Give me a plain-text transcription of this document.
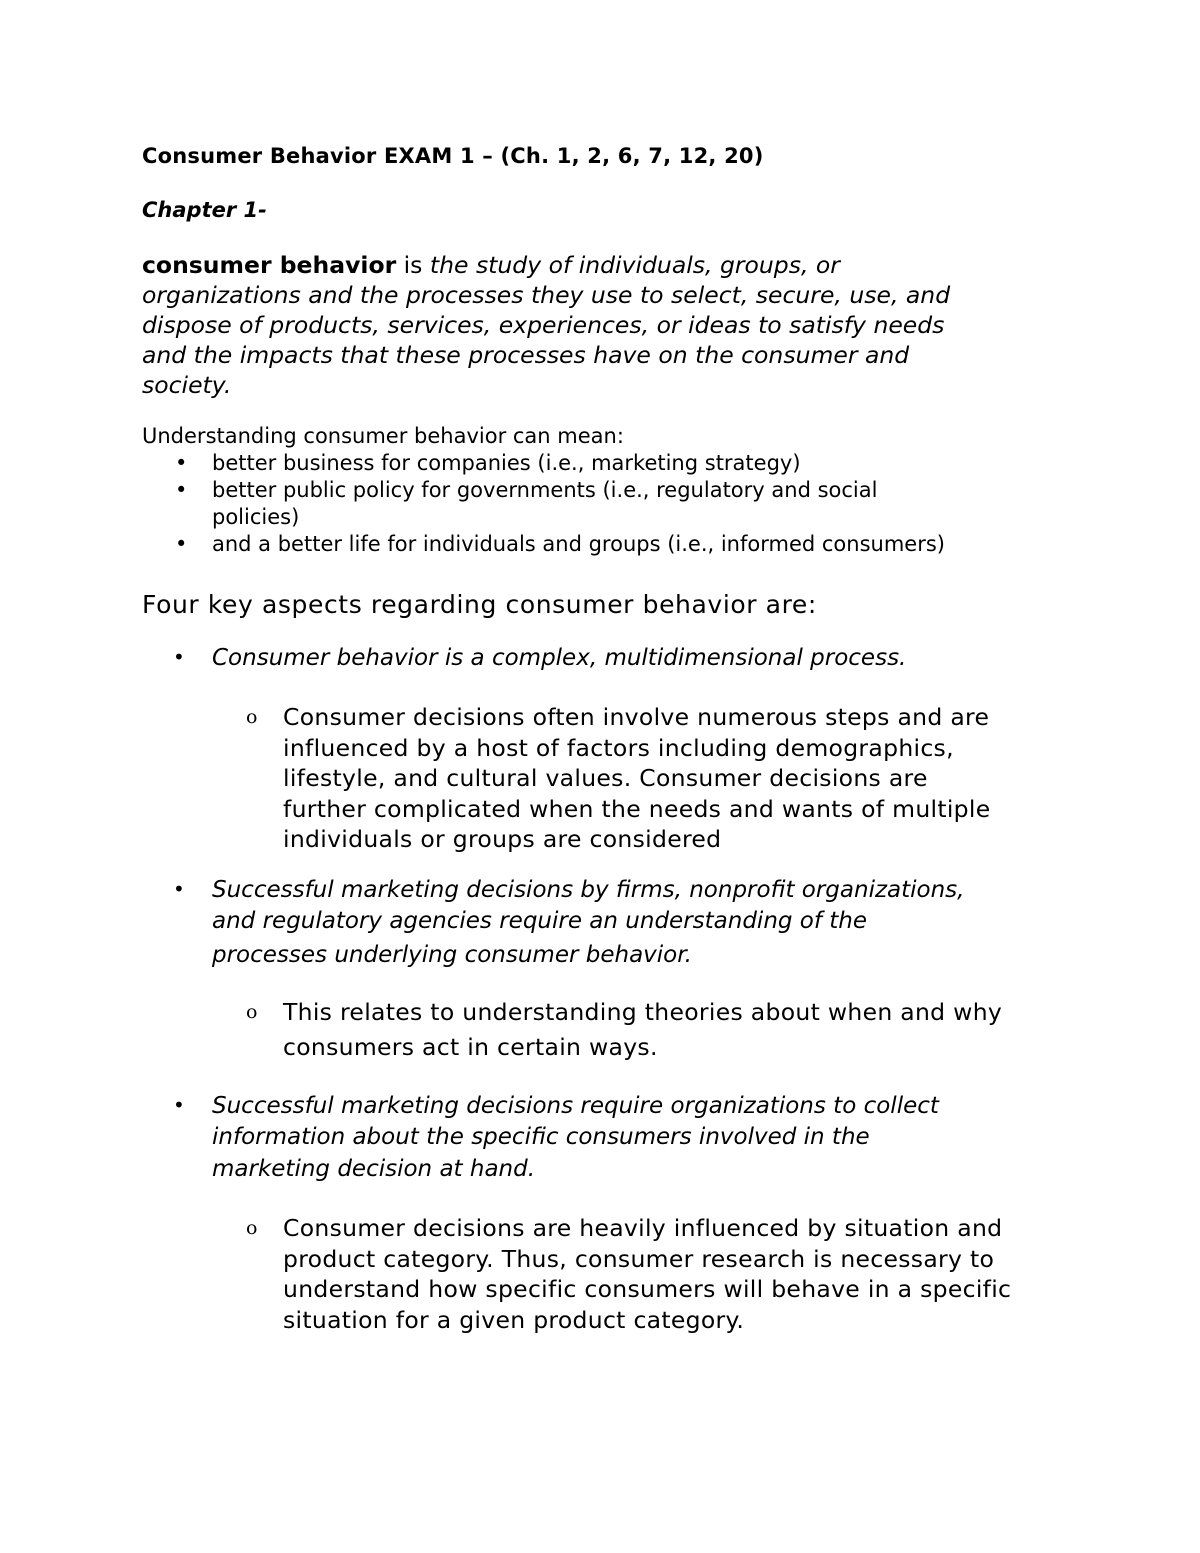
Consumer Behavior EXAM 1 – (Ch. 1, 2, 6, 7, 12, 20)

Chapter 1-

consumer behavior is the study of individuals, groups, or
organizations and the processes they use to select, secure, use, and
dispose of products, services, experiences, or ideas to satisfy needs
and the impacts that these processes have on the consumer and
society.

Understanding consumer behavior can mean:

• better business for companies (i.e., marketing strategy)
• better public policy for governments (i.e., regulatory and social
policies)
• and a better life for individuals and groups (i.e., informed consumers)

Four key aspects regarding consumer behavior are:

• Consumer behavior is a complex, multidimensional process.
o Consumer decisions often involve numerous steps and are
influenced by a host of factors including demographics,
lifestyle, and cultural values. Consumer decisions are
further complicated when the needs and wants of multiple
individuals or groups are considered
• Successful marketing decisions by firms, nonprofit organizations,
and regulatory agencies require an understanding of the
processes underlying consumer behavior.
o This relates to understanding theories about when and why
consumers act in certain ways.
• Successful marketing decisions require organizations to collect
information about the specific consumers involved in the
marketing decision at hand.
o Consumer decisions are heavily influenced by situation and
product category. Thus, consumer research is necessary to
understand how specific consumers will behave in a specific
situation for a given product category.
